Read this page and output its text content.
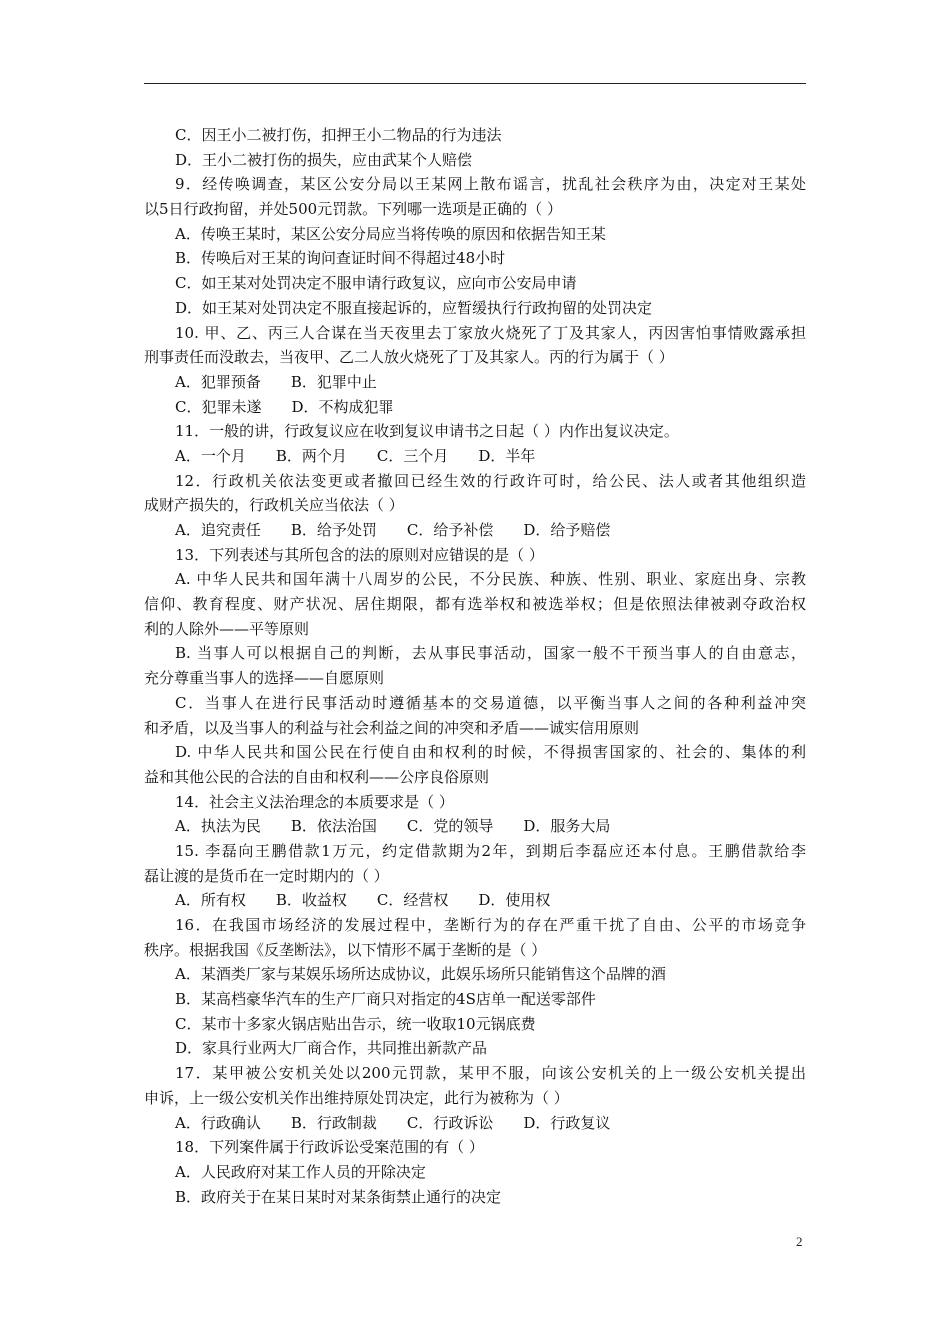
C．因王小二被打伤，扣押王小二物品的行为违法
D．王小二被打伤的损失，应由武某个人赔偿
9．经传唤调查，某区公安分局以王某网上散布谣言，扰乱社会秩序为由，决定对王某处
以5日行政拘留，并处500元罚款。下列哪一选项是正确的（ ）
A．传唤王某时，某区公安分局应当将传唤的原因和依据告知王某
B．传唤后对王某的询问查证时间不得超过48小时
C．如王某对处罚决定不服申请行政复议，应向市公安局申请
D．如王某对处罚决定不服直接起诉的，应暂缓执行行政拘留的处罚决定
10. 甲、乙、丙三人合谋在当天夜里去丁家放火烧死了丁及其家人，丙因害怕事情败露承担
刑事责任而没敢去，当夜甲、乙二人放火烧死了丁及其家人。丙的行为属于（ ）
A．犯罪预备　　B．犯罪中止
C．犯罪未遂　　D．不构成犯罪
11．一般的讲，行政复议应在收到复议申请书之日起（ ）内作出复议决定。
A．一个月　　B．两个月　　C．三个月　　D．半年
12．行政机关依法变更或者撤回已经生效的行政许可时，给公民、法人或者其他组织造
成财产损失的，行政机关应当依法（ ）
A．追究责任　　B．给予处罚　　C．给予补偿　　D．给予赔偿
13．下列表述与其所包含的法的原则对应错误的是（ ）
A. 中华人民共和国年满十八周岁的公民，不分民族、种族、性别、职业、家庭出身、宗教
信仰、教育程度、财产状况、居住期限，都有选举权和被选举权；但是依照法律被剥夺政治权
利的人除外——平等原则
B. 当事人可以根据自己的判断，去从事民事活动，国家一般不干预当事人的自由意志，
充分尊重当事人的选择——自愿原则
C．当事人在进行民事活动时遵循基本的交易道德，以平衡当事人之间的各种利益冲突
和矛盾，以及当事人的利益与社会利益之间的冲突和矛盾——诚实信用原则
D. 中华人民共和国公民在行使自由和权利的时候，不得损害国家的、社会的、集体的利
益和其他公民的合法的自由和权利——公序良俗原则
14．社会主义法治理念的本质要求是（ ）
A．执法为民　　B．依法治国　　C．党的领导　　D．服务大局
15. 李磊向王鹏借款1万元，约定借款期为2年，到期后李磊应还本付息。王鹏借款给李
磊让渡的是货币在一定时期内的（ ）
A．所有权　　B．收益权　　C．经营权　　D．使用权
16．在我国市场经济的发展过程中，垄断行为的存在严重干扰了自由、公平的市场竞争
秩序。根据我国《反垄断法》，以下情形不属于垄断的是（ ）
A．某酒类厂家与某娱乐场所达成协议，此娱乐场所只能销售这个品牌的酒
B．某高档豪华汽车的生产厂商只对指定的4S店单一配送零部件
C．某市十多家火锅店贴出告示，统一收取10元锅底费
D．家具行业两大厂商合作，共同推出新款产品
17．某甲被公安机关处以200元罚款，某甲不服，向该公安机关的上一级公安机关提出
申诉，上一级公安机关作出维持原处罚决定，此行为被称为（ ）
A．行政确认　　B．行政制裁　　C．行政诉讼　　D．行政复议
18．下列案件属于行政诉讼受案范围的有（ ）
A．人民政府对某工作人员的开除决定
B．政府关于在某日某时对某条街禁止通行的决定
2
